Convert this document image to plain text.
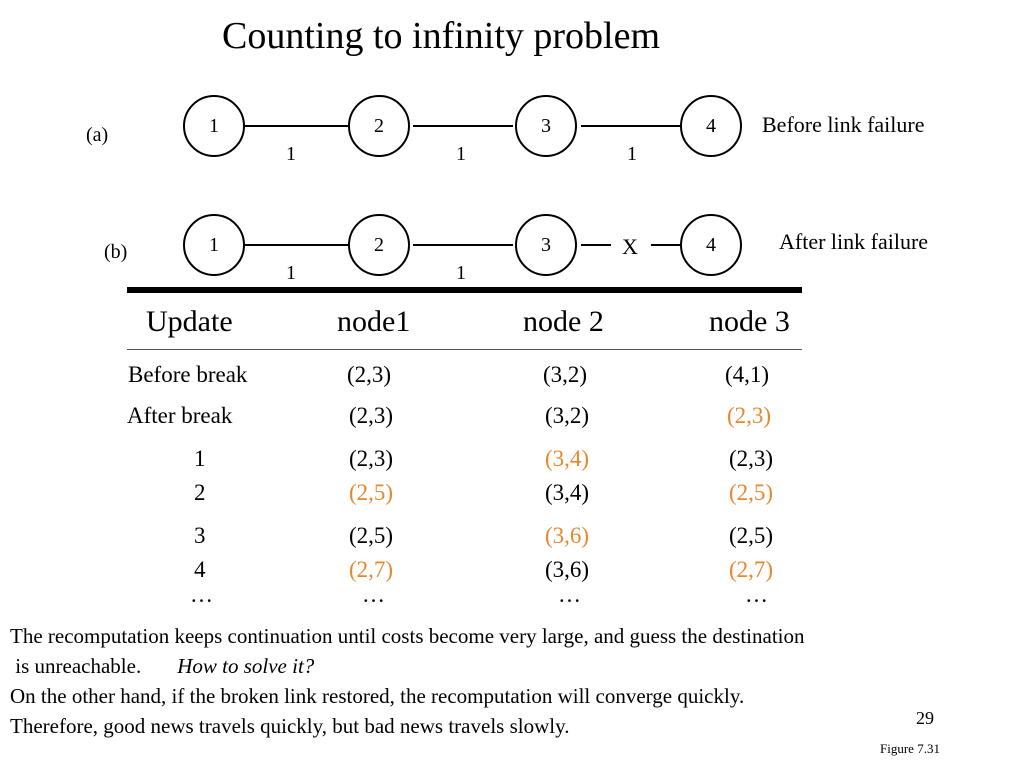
Counting to infinity problem
1	2	3	4
1	1	1
(a)	Before link failure
1	2	3	4
X
1	1
(b)	After link failure
Update	node1	node 2	node 3
Before break	(2,3)	(3,2)	(4,1)
After break	(2,3)	(3,2)	(2,3)
1	(2,3)	(3,4)	(2,3)
2	(2,5)	(3,4)	(2,5)
3	(2,5)	(3,6)	(2,5)
4	(2,7)	(3,6)	(2,7)
…	…	…	…
The recomputation keeps continuation until costs become very large, and guess the destination
is unreachable. How to solve it?
On the other hand, if the broken link restored, the recomputation will converge quickly.
Therefore, good news travels quickly, but bad news travels slowly.	29
Figure 7.31
